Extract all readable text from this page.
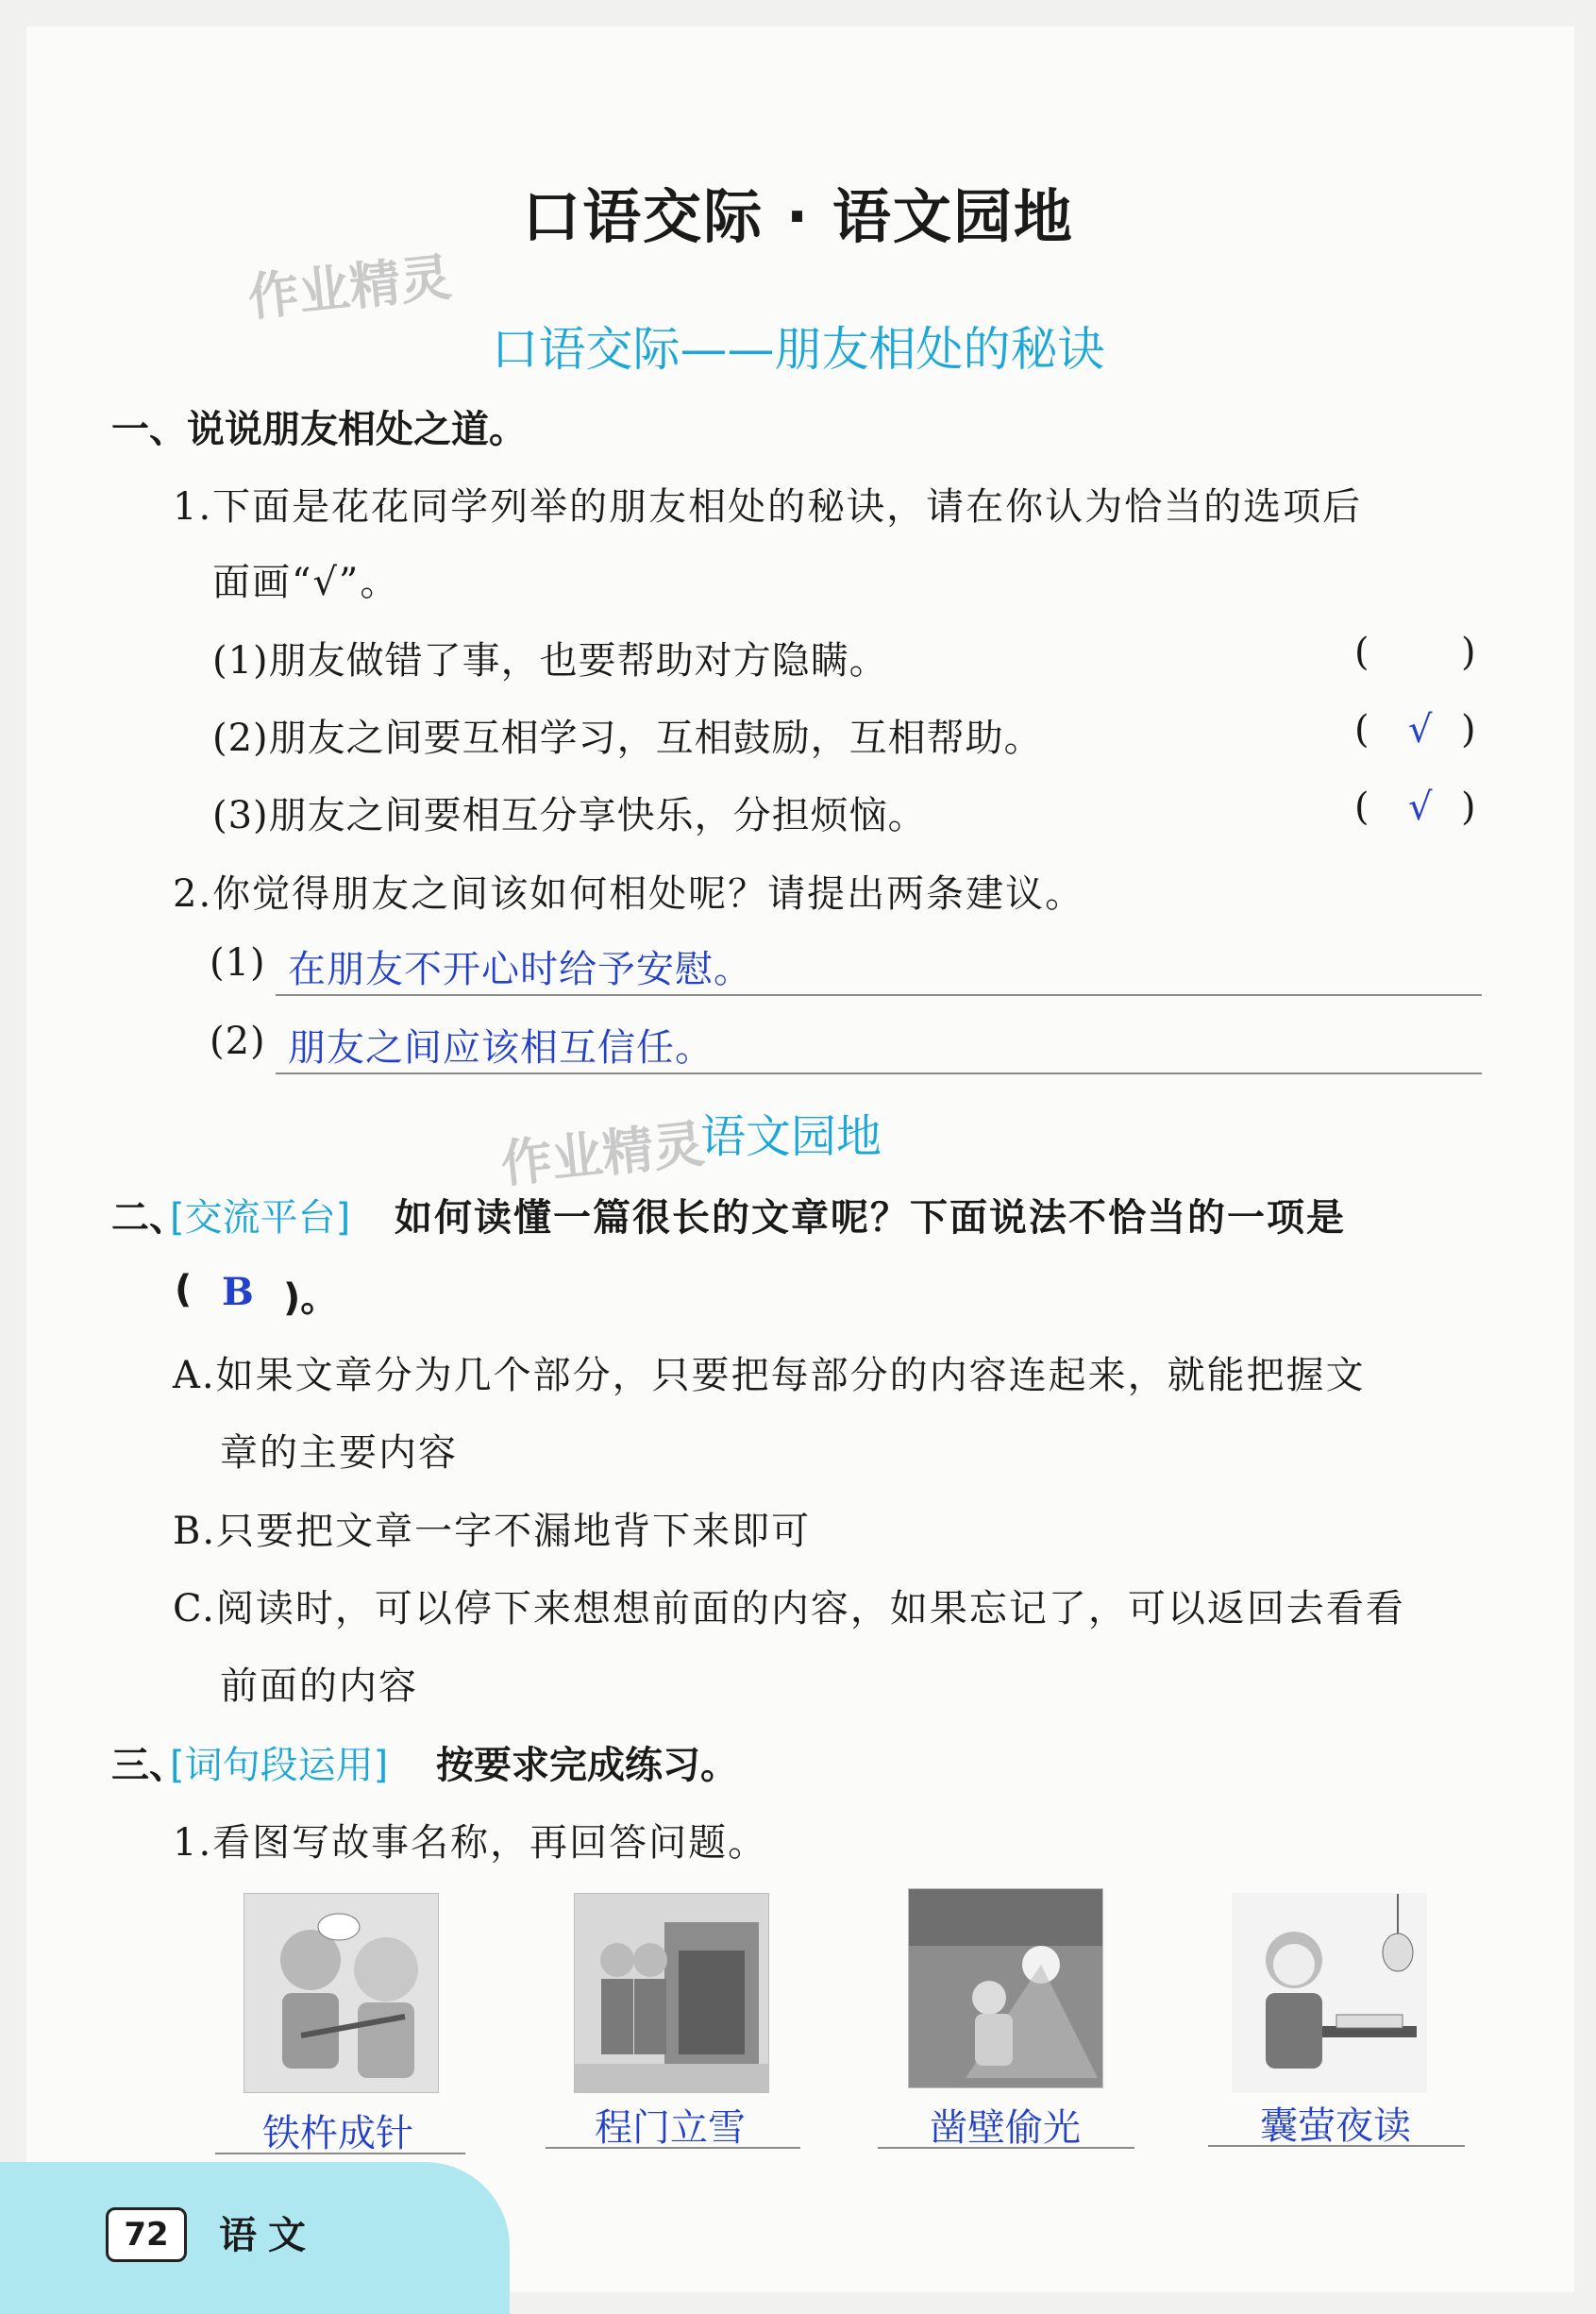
作业精灵
作业精灵
口语交际 · 语文园地
口语交际——朋友相处的秘诀
一、说说朋友相处之道。
1.下面是花花同学列举的朋友相处的秘诀，请在你认为恰当的选项后
面画“√”。
(1)朋友做错了事，也要帮助对方隐瞒。	( )
(2)朋友之间要互相学习，互相鼓励，互相帮助。	( √ )
(3)朋友之间要相互分享快乐，分担烦恼。	( √ )
2.你觉得朋友之间该如何相处呢？请提出两条建议。
(1) 在朋友不开心时给予安慰。
(2) 朋友之间应该相互信任。
语文园地
二、
[交流平台] 如何读懂一篇很长的文章呢？下面说法不恰当的一项是
( B )。
A.如果文章分为几个部分，只要把每部分的内容连起来，就能把握文
章的主要内容
B.只要把文章一字不漏地背下来即可
C.阅读时，可以停下来想想前面的内容，如果忘记了，可以返回去看看
前面的内容
三、
[词句段运用] 按要求完成练习。
1.看图写故事名称，再回答问题。
铁杵成针	程门立雪	凿壁偷光	囊萤夜读
72	语文
